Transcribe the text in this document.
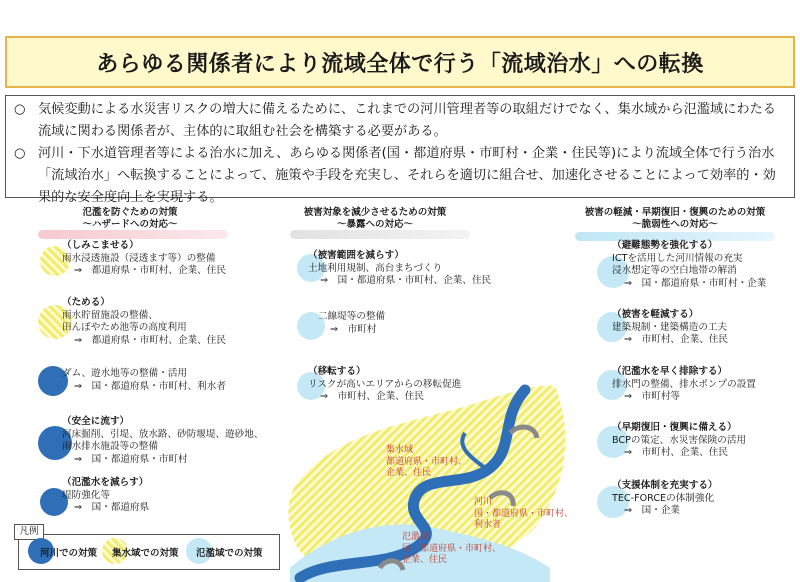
あらゆる関係者により流域全体で行う「流域治水」への転換

○ 気候変動による水災害リスクの増大に備えるために、これまでの河川管理者等の取組だけでなく、集水域から氾濫域にわたる流域に関わる関係者が、主体的に取組む社会を構築する必要がある。

○ 河川・下水道管理者等による治水に加え、あらゆる関係者(国・都道府県・市町村・企業・住民等)により流域全体で行う治水「流域治水」へ転換することによって、施策や手段を充実し、それらを適切に組合せ、加速化させることによって効率的・効果的な安全度向上を実現する。

氾濫を防ぐための対策
～ハザードへの対応～
被害対象を減少させるための対策
～暴露への対応～
被害の軽減・早期復旧・復興のための対策
～脆弱性への対応～
集水域
都道府県・市町村、
企業、住民
河川
国・都道府県・市町村、
利水者
氾濫域
国・都道府県・市町村、
企業、住民
（しみこませる）
雨水浸透施設（浸透ます等）の整備
⇒　都道府県・市町村、企業、住民
（ためる）
雨水貯留施設の整備、
田んぼやため池等の高度利用
⇒　都道府県・市町村、企業、住民
ダム、遊水地等の整備・活用
⇒　国・都道府県・市町村、利水者
（安全に流す）
河床掘削、引堤、放水路、砂防堰堤、遊砂地、
雨水排水施設等の整備
⇒　国・都道府県・市町村
（氾濫水を減らす）
堤防強化等
⇒　国・都道府県
（被害範囲を減らす）
土地利用規制、高台まちづくり
⇒　国・都道府県・市町村、企業、住民
二線堤等の整備
⇒　市町村
（移転する）
リスクが高いエリアからの移転促進
⇒　市町村、企業、住民
（避難態勢を強化する）
ICTを活用した河川情報の充実
浸水想定等の空白地帯の解消
⇒　国・都道府県・市町村・企業
（被害を軽減する）
建築規制・建築構造の工夫
⇒　市町村、企業、住民
（氾濫水を早く排除する）
排水門の整備、排水ポンプの設置
⇒　市町村等
（早期復旧・復興に備える）
BCPの策定、水災害保険の活用
⇒　市町村、企業、住民
（支援体制を充実する）
TEC-FORCEの体制強化
⇒　国・企業
凡例
河川での対策 集水域での対策 氾濫域での対策
